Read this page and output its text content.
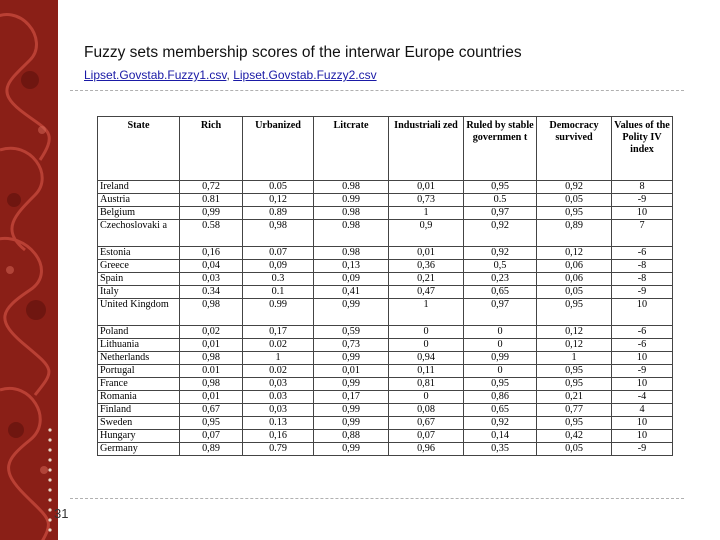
Fuzzy sets membership scores of the interwar Europe countries
Lipset.Govstab.Fuzzy1.csv, Lipset.Govstab.Fuzzy2.csv
State	Rich	Urbanized	Litcrate	Industriali zed	Ruled by stable governmen t	Democracy survived	Values of the Polity IV index
Ireland	0,72	0.05	0.98	0,01	0,95	0,92	8
Austria	0.81	0,12	0.99	0,73	0.5	0,05	-9
Belgium	0,99	0.89	0.98	1	0,97	0,95	10
Czechoslovaki a	0.58	0,98	0.98	0,9	0,92	0,89	7
Estonia	0,16	0.07	0.98	0,01	0,92	0,12	-6
Greece	0,04	0,09	0,13	0,36	0,5	0,06	-8
Spain	0,03	0.3	0,09	0,21	0,23	0,06	-8
Italy	0.34	0.1	0,41	0,47	0,65	0,05	-9
United Kingdom	0,98	0.99	0,99	1	0,97	0,95	10
Poland	0,02	0,17	0,59	0	0	0,12	-6
Lithuania	0,01	0.02	0,73	0	0	0,12	-6
Netherlands	0,98	1	0,99	0,94	0,99	1	10
Portugal	0.01	0.02	0,01	0,11	0	0,95	-9
France	0,98	0,03	0,99	0,81	0,95	0,95	10
Romania	0,01	0.03	0,17	0	0,86	0,21	-4
Finland	0,67	0,03	0,99	0,08	0,65	0,77	4
Sweden	0,95	0.13	0,99	0,67	0,92	0,95	10
Hungary	0,07	0,16	0,88	0,07	0,14	0,42	10
Germany	0,89	0.79	0,99	0,96	0,35	0,05	-9
31
